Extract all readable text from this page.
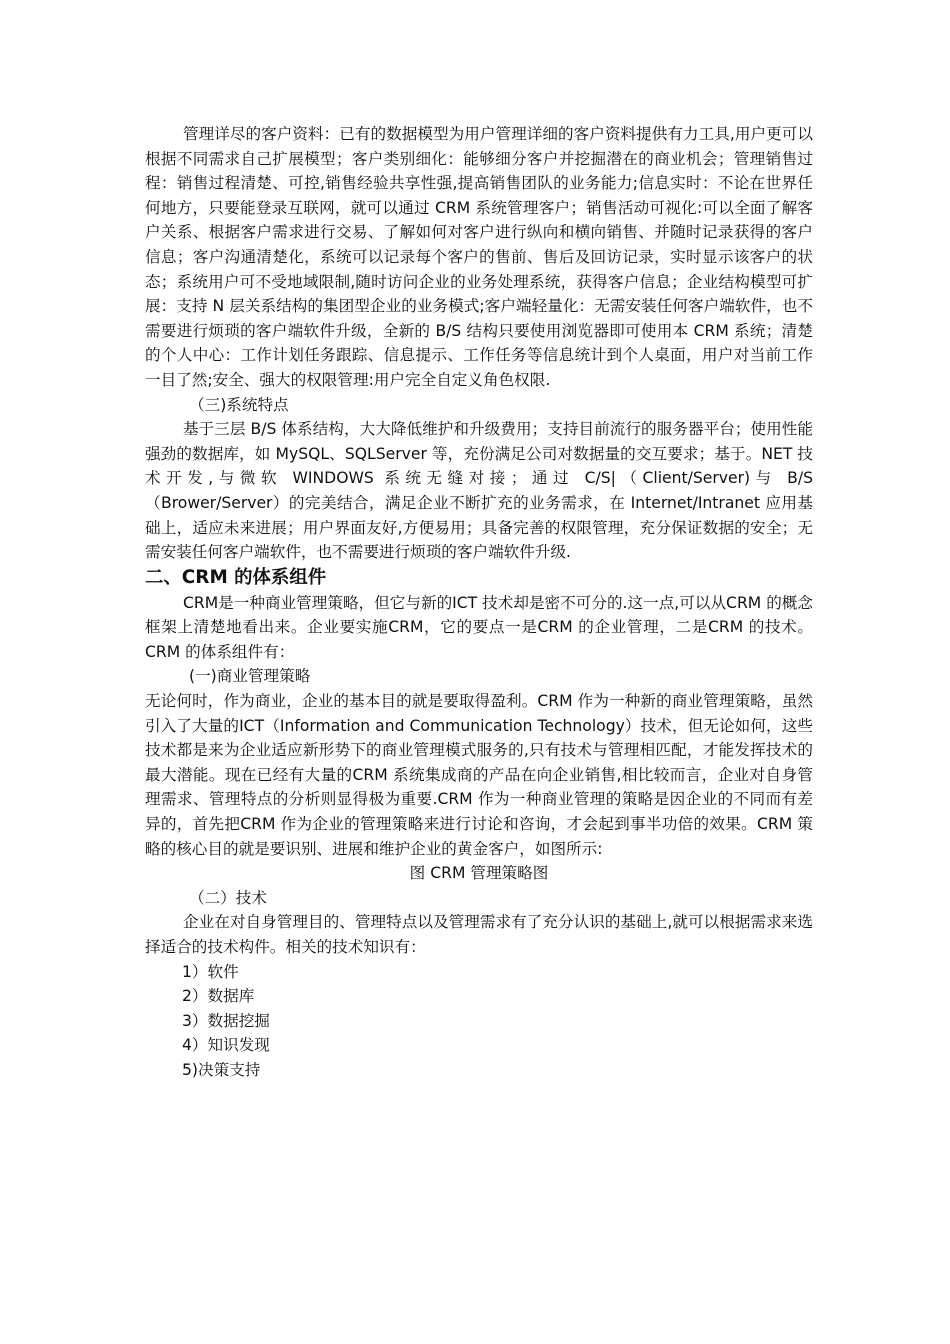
管理详尽的客户资料：已有的数据模型为用户管理详细的客户资料提供有力工具,用户更可以根据不同需求自己扩展模型；客户类别细化：能够细分客户并挖掘潜在的商业机会；管理销售过程：销售过程清楚、可控,销售经验共享性强,提高销售团队的业务能力;信息实时：不论在世界任何地方，只要能登录互联网，就可以通过 CRM 系统管理客户；销售活动可视化:可以全面了解客户关系、根据客户需求进行交易、了解如何对客户进行纵向和横向销售、并随时记录获得的客户信息；客户沟通清楚化，系统可以记录每个客户的售前、售后及回访记录，实时显示该客户的状态；系统用户可不受地域限制,随时访问企业的业务处理系统，获得客户信息；企业结构模型可扩展：支持 N 层关系结构的集团型企业的业务模式;客户端轻量化：无需安装任何客户端软件，也不需要进行烦琐的客户端软件升级，全新的 B/S 结构只要使用浏览器即可使用本 CRM 系统；清楚的个人中心：工作计划任务跟踪、信息提示、工作任务等信息统计到个人桌面，用户对当前工作一目了然;安全、强大的权限管理:用户完全自定义角色权限.

（三)系统特点

基于三层 B/S 体系结构，大大降低维护和升级费用；支持目前流行的服务器平台；使用性能强劲的数据库，如 MySQL、SQLServer 等，充份满足公司对数据量的交互要求；基于。NET 技术开发,与微软 WINDOWS 系统无缝对接；通过 C/S|（Client/Server)与 B/S（Brower/Server）的完美结合，满足企业不断扩充的业务需求，在 Internet/Intranet 应用基础上，适应未来进展；用户界面友好,方便易用；具备完善的权限管理，充分保证数据的安全；无需安装任何客户端软件，也不需要进行烦琐的客户端软件升级.

二、CRM 的体系组件

CRM是一种商业管理策略，但它与新的ICT 技术却是密不可分的.这一点,可以从CRM 的概念框架上清楚地看出来。企业要实施CRM，它的要点一是CRM 的企业管理，二是CRM 的技术。CRM 的体系组件有：

(一)商业管理策略

无论何时，作为商业，企业的基本目的就是要取得盈利。CRM 作为一种新的商业管理策略，虽然引入了大量的ICT（Information and Communication Technology）技术，但无论如何，这些技术都是来为企业适应新形势下的商业管理模式服务的,只有技术与管理相匹配，才能发挥技术的最大潜能。现在已经有大量的CRM 系统集成商的产品在向企业销售,相比较而言，企业对自身管理需求、管理特点的分析则显得极为重要.CRM 作为一种商业管理的策略是因企业的不同而有差异的，首先把CRM 作为企业的管理策略来进行讨论和咨询，才会起到事半功倍的效果。CRM 策略的核心目的就是要识别、进展和维护企业的黄金客户，如图所示:

图 CRM 管理策略图

（二）技术

企业在对自身管理目的、管理特点以及管理需求有了充分认识的基础上,就可以根据需求来选择适合的技术构件。相关的技术知识有：

1）软件

2）数据库

3）数据挖掘

4）知识发现

5)决策支持
